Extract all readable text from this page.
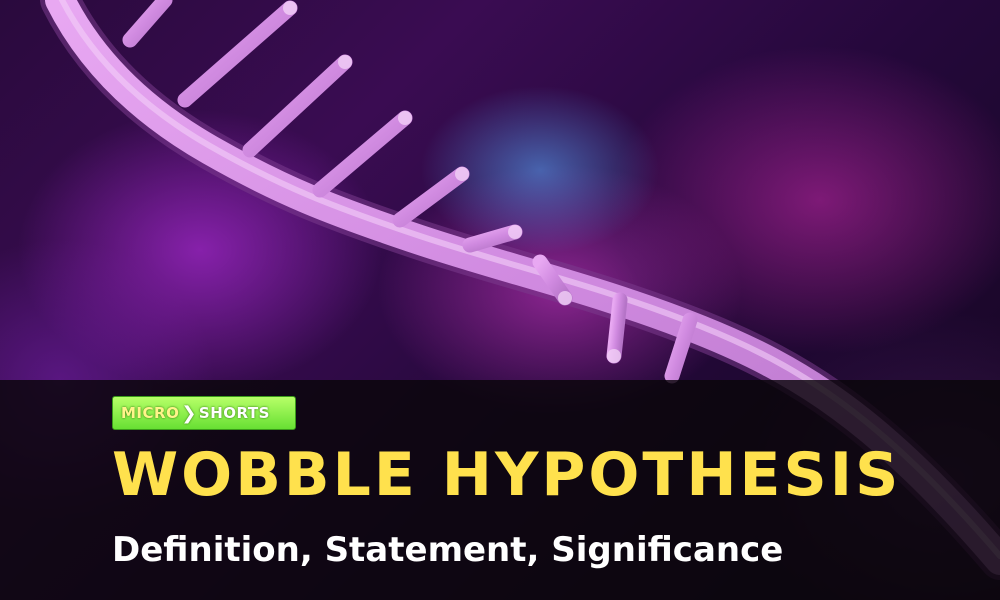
MICRO ❯ SHORTS
WOBBLE HYPOTHESIS
Definition, Statement, Significance
